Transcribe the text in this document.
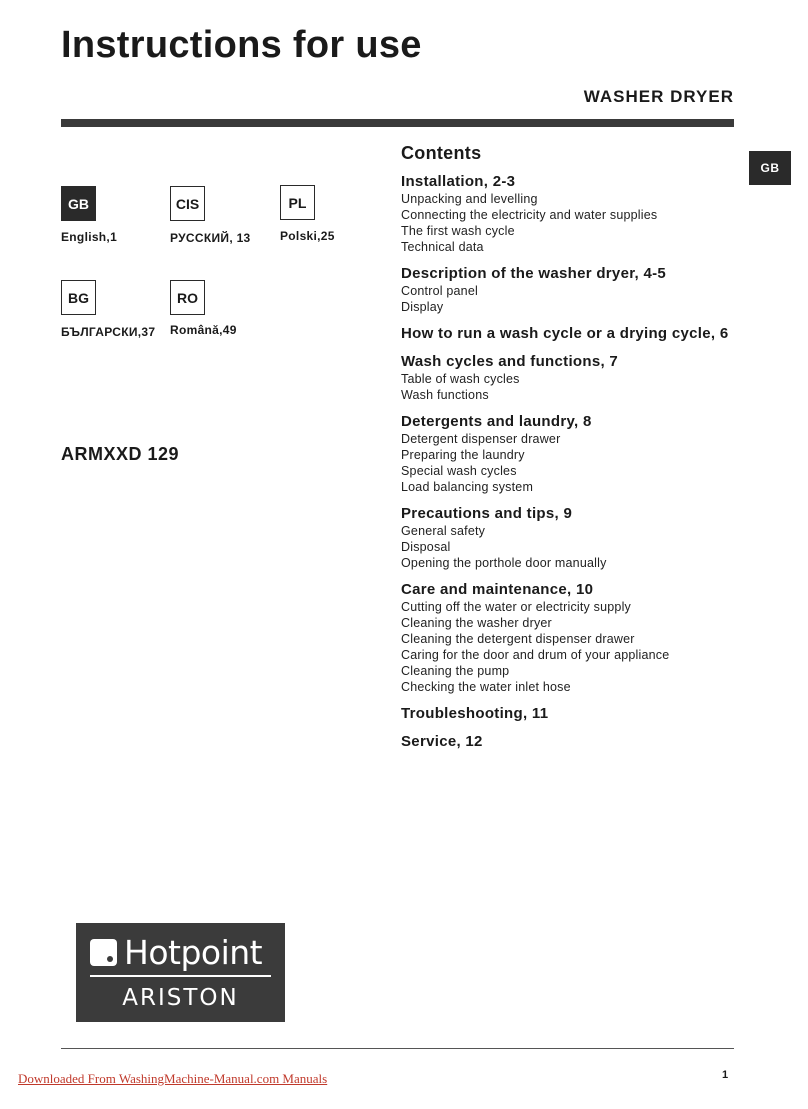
Instructions for use
WASHER DRYER
GB
GB
English,1
CIS
РУССКИЙ, 13
PL
Polski,25
BG
БЪЛГАРСКИ,37
RO
Română,49
ARMXXD 129
Contents
Installation, 2-3
Unpacking and levelling
Connecting the electricity and water supplies
The first wash cycle
Technical data
Description of the washer dryer, 4-5
Control panel
Display
How to run a wash cycle or a drying cycle, 6
Wash cycles and functions, 7
Table of wash cycles
Wash functions
Detergents and laundry, 8
Detergent dispenser drawer
Preparing the laundry
Special wash cycles
Load balancing system
Precautions and tips, 9
General safety
Disposal
Opening the porthole door manually
Care and maintenance, 10
Cutting off the water or electricity supply
Cleaning the washer dryer
Cleaning the detergent dispenser drawer
Caring for the door and drum of your appliance
Cleaning the pump
Checking the water inlet hose
Troubleshooting, 11
Service, 12
Hotpoint
ARISTON
Downloaded From WashingMachine-Manual.com Manuals	1
